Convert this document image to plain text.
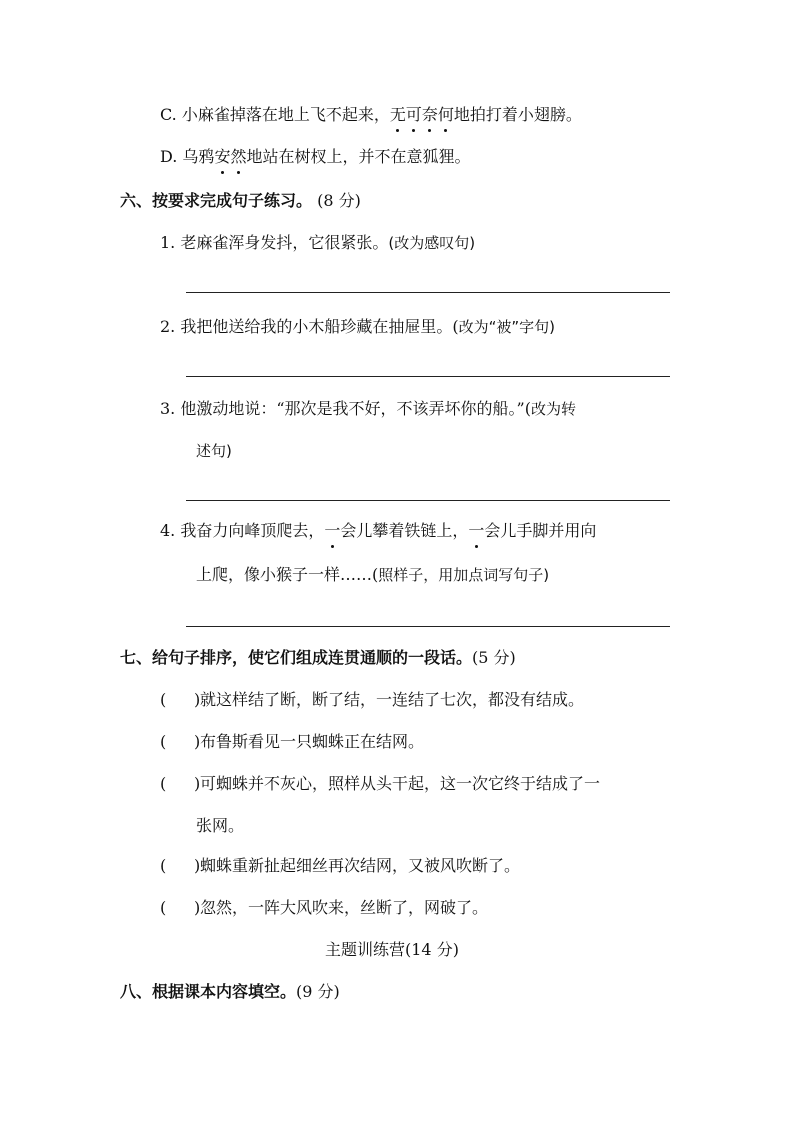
C. 小麻雀掉落在地上飞不起来，无可奈何地拍打着小翅膀。
D. 乌鸦安然地站在树杈上，并不在意狐狸。
六、按要求完成句子练习。 (8 分)
1. 老麻雀浑身发抖，它很紧张。(改为感叹句)
2. 我把他送给我的小木船珍藏在抽屉里。(改为“被”字句)
3. 他激动地说：“那次是我不好，不该弄坏你的船。”(改为转
述句)
4. 我奋力向峰顶爬去，一会儿攀着铁链上，一会儿手脚并用向
上爬，像小猴子一样……(照样子，用加点词写句子)
七、给句子排序，使它们组成连贯通顺的一段话。(5 分)
( )就这样结了断，断了结，一连结了七次，都没有结成。
( )布鲁斯看见一只蜘蛛正在结网。
( )可蜘蛛并不灰心，照样从头干起，这一次它终于结成了一
张网。
( )蜘蛛重新扯起细丝再次结网，又被风吹断了。
( )忽然，一阵大风吹来，丝断了，网破了。
主题训练营(14 分)
八、根据课本内容填空。(9 分)
